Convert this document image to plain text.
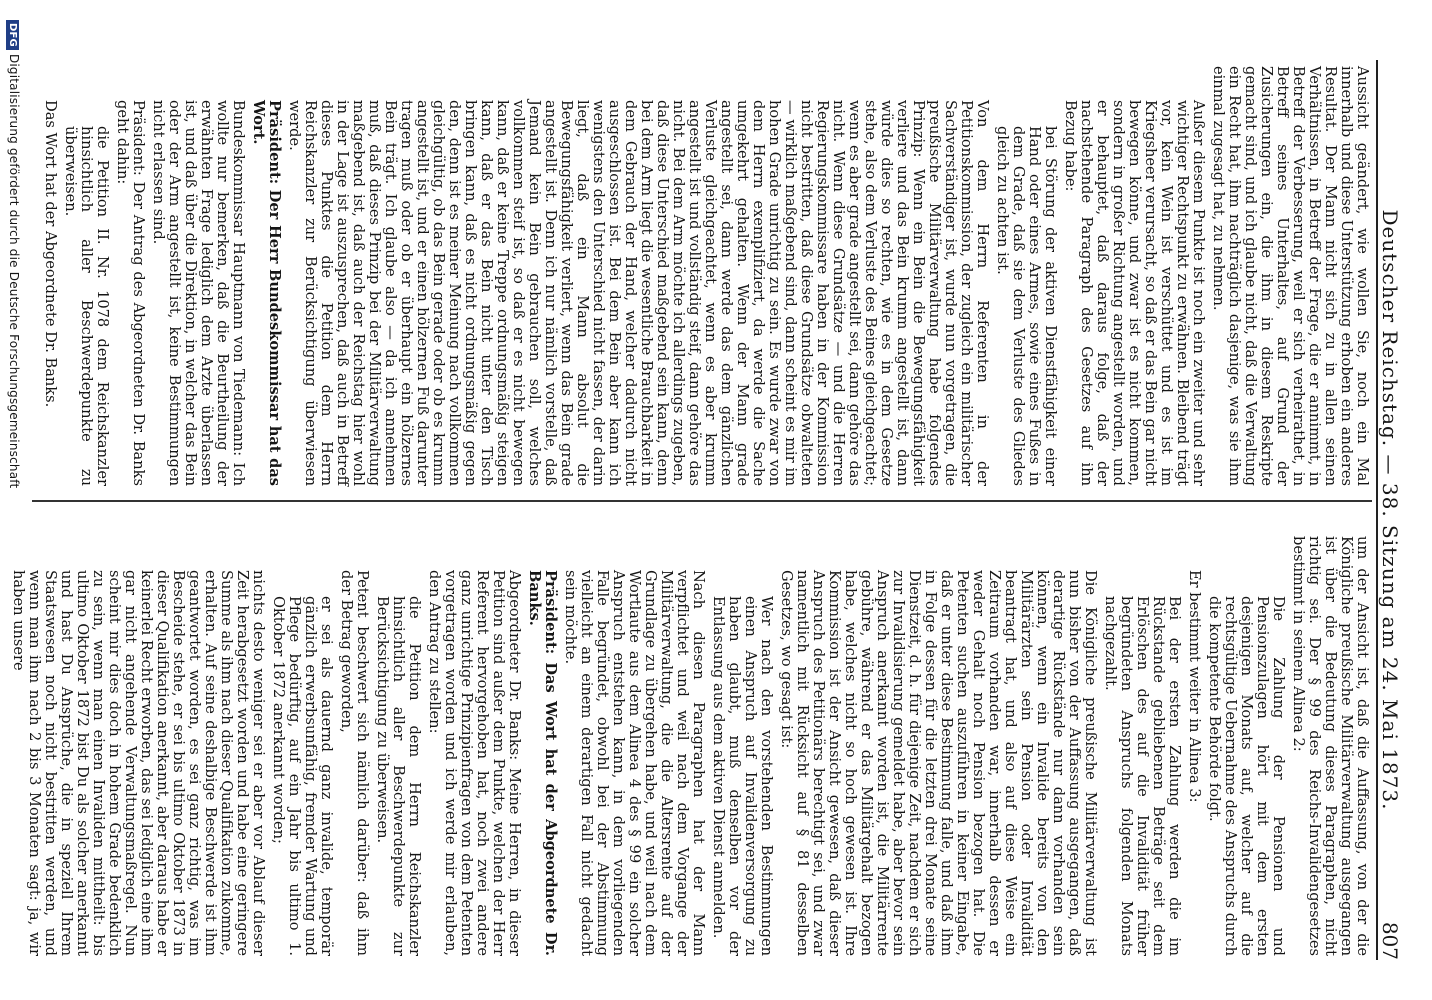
Deutscher Reichstag. — 38. Sitzung am 24. Mai 1873.
807

Aussicht geändert, wie wollen Sie, noch ein Mal innerhalb und diese Unterstützung erhoben ein anderes Resultat. Der Mann nicht sich zu in allen seinen Verhältnissen, in Betreff der Frage, die er annimmt, in Betreff der Verbesserung, weil er sich verheirathet, in Betreff seines Unterhaltes, auf Grund der Zusicherungen ein, die ihm in diesem Reskripte gemacht sind, und ich glaube nicht, daß die Verwaltung ein Recht hat, ihm nachträglich dasjenige, was sie ihm einmal zugesagt hat, zu nehmen.

Außer diesem Punkte ist noch ein zweiter und sehr wichtiger Rechtspunkt zu erwähnen. Bleibend trägt vor, kein Wein ist verschüttet und es ist im Kriegsheer verursacht, so daß er das Bein gar nicht bewegen könne, und zwar ist es nicht kommen, sondern in großer Richtung angestellt worden, und er behauptet, daß daraus folge, daß der nachstehende Paragraph des Gesetzes auf ihn Bezug habe:

bei Störung der aktiven Dienstfähigkeit einer Hand oder eines Armes, sowie eines Fußes in dem Grade, daß sie dem Verluste des Gliedes gleich zu achten ist.

Von dem Herrn Referenten in der Petitionskommission, der zugleich ein militärischer Sachverständiger ist, wurde nun vorgetragen, die preußische Militärverwaltung habe folgendes Prinzip: Wenn ein Bein die Bewegungsfähigkeit verliere und das Bein krumm angestellt ist, dann würde dies so rechten, wie es in dem Gesetze stehe, also dem Verluste des Beines gleichgeachtet; wenn es aber grade angestellt sei, dann gehöre das nicht. Wenn diese Grundsätze — und die Herren Regierungskommissare haben in der Kommission nicht bestritten, daß diese Grundsätze obwalteten — wirklich maßgebend sind, dann scheint es mir im hohen Grade unrichtig zu sein. Es wurde zwar von dem Herrn exemplifiziert, da werde die Sache umgekehrt gehalten. Wenn der Mann grade angestellt sei, dann werde das dem gänzlichen Verluste gleichgeachtet, wenn es aber krumm angestellt ist und vollständig steif, dann gehöre das nicht. Bei dem Arm möchte ich allerdings zugeben, daß diese Unterschied maßgebend sein kann, denn bei dem Arm liegt die wesentliche Brauchbarkeit in dem Gebrauch der Hand, welcher dadurch nicht ausgeschlossen ist. Bei dem Bein aber kann ich wenigstens den Unterschied nicht fassen, der darin liegt, daß ein Mann absolut die Bewegungsfähigkeit verliert, wenn das Bein grade angestellt ist. Denn ich nur nämlich vorstelle, daß Jemand kein Bein gebrauchen soll, welches vollkommen steif ist, so daß er es nicht bewegen kann, daß er keine Treppe ordnungsmäßig steigen kann, daß er das Bein nicht unter den Tisch bringen kann, daß es nicht ordnungsmäßig gegen den, denn ist es meiner Meinung nach vollkommen gleichgültig, ob das Bein gerade oder ob es krumm angestellt ist, und er einen hölzernen Fuß darunter tragen muß oder ob er überhaupt ein hölzernes Bein trägt. Ich glaube also — da ich annehmen muß, daß dieses Prinzip bei der Militärverwaltung maßgebend ist, daß auch der Reichstag hier wohl in der Lage ist auszusprechen, daß auch in Betreff dieses Punktes die Petition dem Herrn Reichskanzler zur Berücksichtigung überwiesen werde.

Präsident: Der Herr Bundeskommissar hat das Wort.

Bundeskommissar Hauptmann von Tiedemann: Ich wollte nur bemerken, daß die Beurtheilung der erwähnten Frage lediglich dem Arzte überlassen ist, und daß über die Direktion, in welcher das Bein oder der Arm angestellt ist, keine Bestimmungen nicht erlassen sind.

Präsident: Der Antrag des Abgeordneten Dr. Banks geht dahin:

die Petition II. Nr. 1078 dem Reichskanzler hinsichtlich aller Beschwerdepunkte zu überweisen.

Das Wort hat der Abgeordnete Dr. Banks.

um der Ansicht ist, daß die Auffassung, von der die Königliche preußische Militärverwaltung ausgegangen ist über die Bedeutung dieses Paragraphen, nicht richtig sei. Der § 99 des Reichs-Invalidengesetzes bestimmt in seinem Alinea 2:

Die Zahlung der Pensionen und Pensionszulagen hört mit dem ersten desjenigen Monats auf, welcher auf die rechtsgültige Uebernahme des Anspruchs durch die kompetente Behörde folgt.

Er bestimmt weiter in Alinea 3:

Bei der ersten Zahlung werden die im Rückstande gebliebenen Beträge seit dem Erlöschen des auf die Invalidität früher begründeten Anspruchs folgenden Monats nachgezahlt.

Die Königliche preußische Militärverwaltung ist nun bisher von der Auffassung ausgegangen, daß derartige Rückstände nur dann vorhanden sein können, wenn ein Invalide bereits von den Militärärzten sein Pension oder Invalidität beantragt hat, und also auf diese Weise ein Zeitraum vorhanden war, innerhalb dessen er weder Gehalt noch Pension bezogen hat. Die Petenten suchen auszuführen in keiner Eingabe, daß er unter diese Bestimmung falle, und daß ihm in Folge dessen für die letzten drei Monate seine Dienstzeit, d. h. für diejenige Zeit, nachdem er sich zur Invalidisierung gemeldet habe, aber bevor sein Anspruch anerkannt worden ist, die Militärrente gebühre, während er das Militärgehalt bezogen habe, welches nicht so hoch gewesen ist. Ihre Kommission ist der Ansicht gewesen, daß dieser Anspruch des Petitionärs berechtigt sei, und zwar namentlich mit Rücksicht auf § 81 desselben Gesetzes, wo gesagt ist:

Wer nach den vorstehenden Bestimmungen einen Anspruch auf Invalidenversorgung zu haben glaubt, muß denselben vor der Entlassung aus dem aktiven Dienst anmelden.

Nach diesen Paragraphen hat der Mann verpflichtet und weil nach dem Vorgange der Militärverwaltung, die die Altersrente auf der Grundlage zu übergehen habe, und weil nach dem Wortlaute aus dem Alinea 4 des § 99 ein solcher Anspruch entstehen kann, in dem vorliegenden Falle begründet, obwohl bei der Abstimmung vielleicht an einem derartigen Fall nicht gedacht sein möchte.

Präsident: Das Wort hat der Abgeordnete Dr. Banks.

Abgeordneter Dr. Banks: Meine Herren, in dieser Petition sind außer dem Punkte, welchen der Herr Referent hervorgehoben hat, noch zwei andere ganz unrichtige Prinzipienfragen von dem Petenten vorgetragen worden und ich werde mir erlauben, den Antrag zu stellen:

die Petition dem Herrn Reichskanzler hinsichtlich aller Beschwerdepunkte zur Berücksichtigung zu überweisen.

Petent beschwert sich nämlich darüber: daß ihm der Betrag geworden,

er sei als dauernd ganz invalide, temporär gänzlich erwerbsunfähig, fremder Wartung und Pflege bedürftig, auf ein Jahr bis ultimo 1. Oktober 1872 anerkannt worden;

nichts desto weniger sei er aber vor Ablauf dieser Zeit herabgesetzt worden und habe eine geringere Summe als ihm nach dieser Qualifikation zukomme, erhalten. Auf seine deshalbige Beschwerde ist ihm geantwortet worden, es sei ganz richtig, was im Bescheide stehe, er sei bis ultimo Oktober 1873 in dieser Qualifikation anerkannt, aber daraus habe er keinerlei Recht erworben, das sei lediglich eine ihm gar nicht angehende Verwaltungsmaßregel. Nun scheint mir dies doch in hohem Grade bedenklich zu sein, wenn man einen Invaliden mittheilt: bis ultimo Oktober 1872 bist Du als solcher anerkannt und hast Du Ansprüche, die in speziell Ihrem Staatswesen noch nicht bestritten werden, und wenn man ihm nach 2 bis 3 Monaten sagt: ja, wir haben unsere

DFGDigitalisierung gefördert durch die Deutsche Forschungsgemeinschaft
